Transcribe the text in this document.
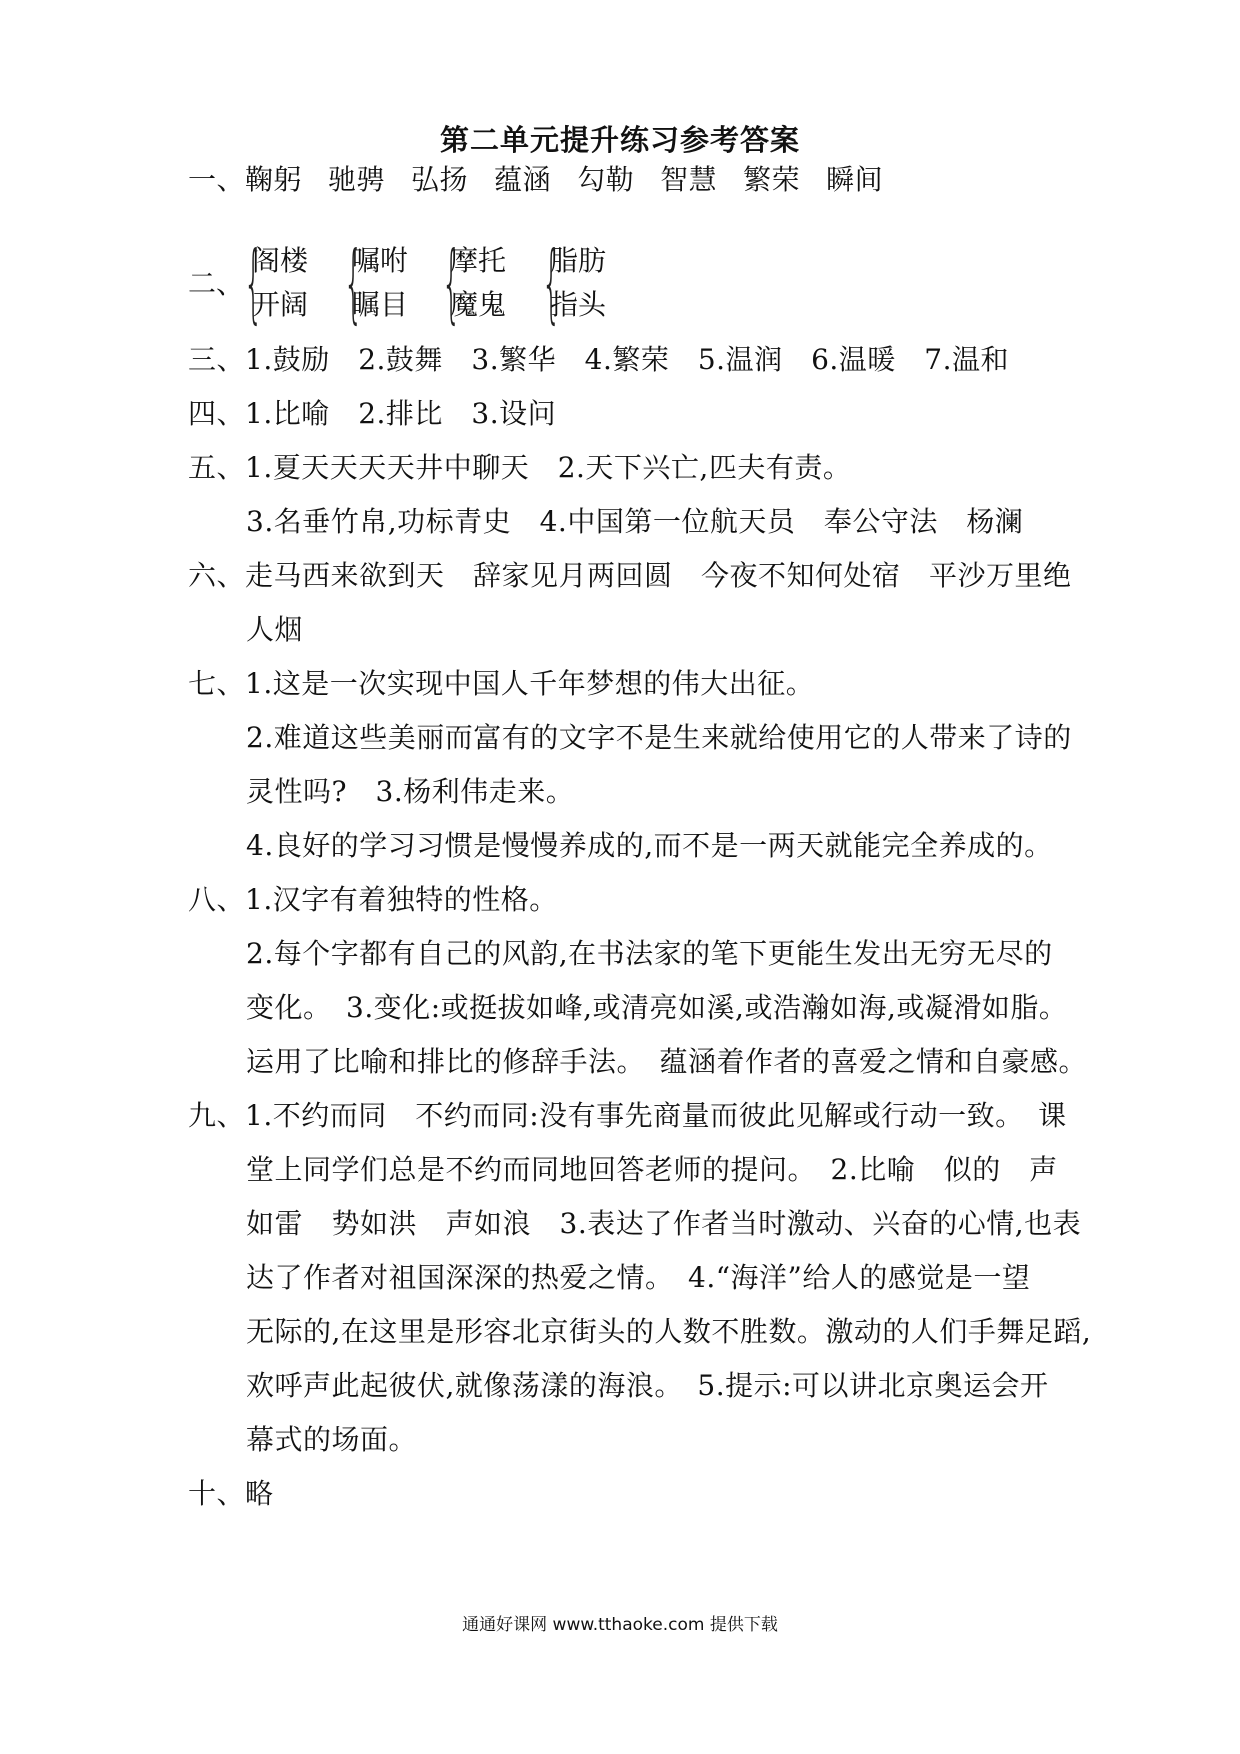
第二单元提升练习参考答案
一、鞠躬 驰骋 弘扬 蕴涵 勾勒 智慧 繁荣 瞬间
二、 {
阁楼
开阔 {
嘱咐
瞩目 {
摩托
魔鬼 {
脂肪
指头
三、1.鼓励　2.鼓舞　3.繁华　4.繁荣　5.温润　6.温暖　7.温和
四、1.比喻　2.排比　3.设问
五、1.夏天天天天井中聊天　2.天下兴亡,匹夫有责。
3.名垂竹帛,功标青史　4.中国第一位航天员　奉公守法　杨澜
六、走马西来欲到天　辞家见月两回圆　今夜不知何处宿　平沙万里绝
人烟
七、1.这是一次实现中国人千年梦想的伟大出征。
2.难道这些美丽而富有的文字不是生来就给使用它的人带来了诗的
灵性吗?　3.杨利伟走来。
4.良好的学习习惯是慢慢养成的,而不是一两天就能完全养成的。
八、1.汉字有着独特的性格。
2.每个字都有自己的风韵,在书法家的笔下更能生发出无穷无尽的
变化。　3.变化:或挺拔如峰,或清亮如溪,或浩瀚如海,或凝滑如脂。
运用了比喻和排比的修辞手法。　蕴涵着作者的喜爱之情和自豪感。
九、1.不约而同　不约而同:没有事先商量而彼此见解或行动一致。　课
堂上同学们总是不约而同地回答老师的提问。　2.比喻　似的　声
如雷　势如洪　声如浪　3.表达了作者当时激动、兴奋的心情,也表
达了作者对祖国深深的热爱之情。　4.“海洋”给人的感觉是一望
无际的,在这里是形容北京街头的人数不胜数。激动的人们手舞足蹈,
欢呼声此起彼伏,就像荡漾的海浪。　5.提示:可以讲北京奥运会开
幕式的场面。
十、略
通通好课网 www.tthaoke.com 提供下载
